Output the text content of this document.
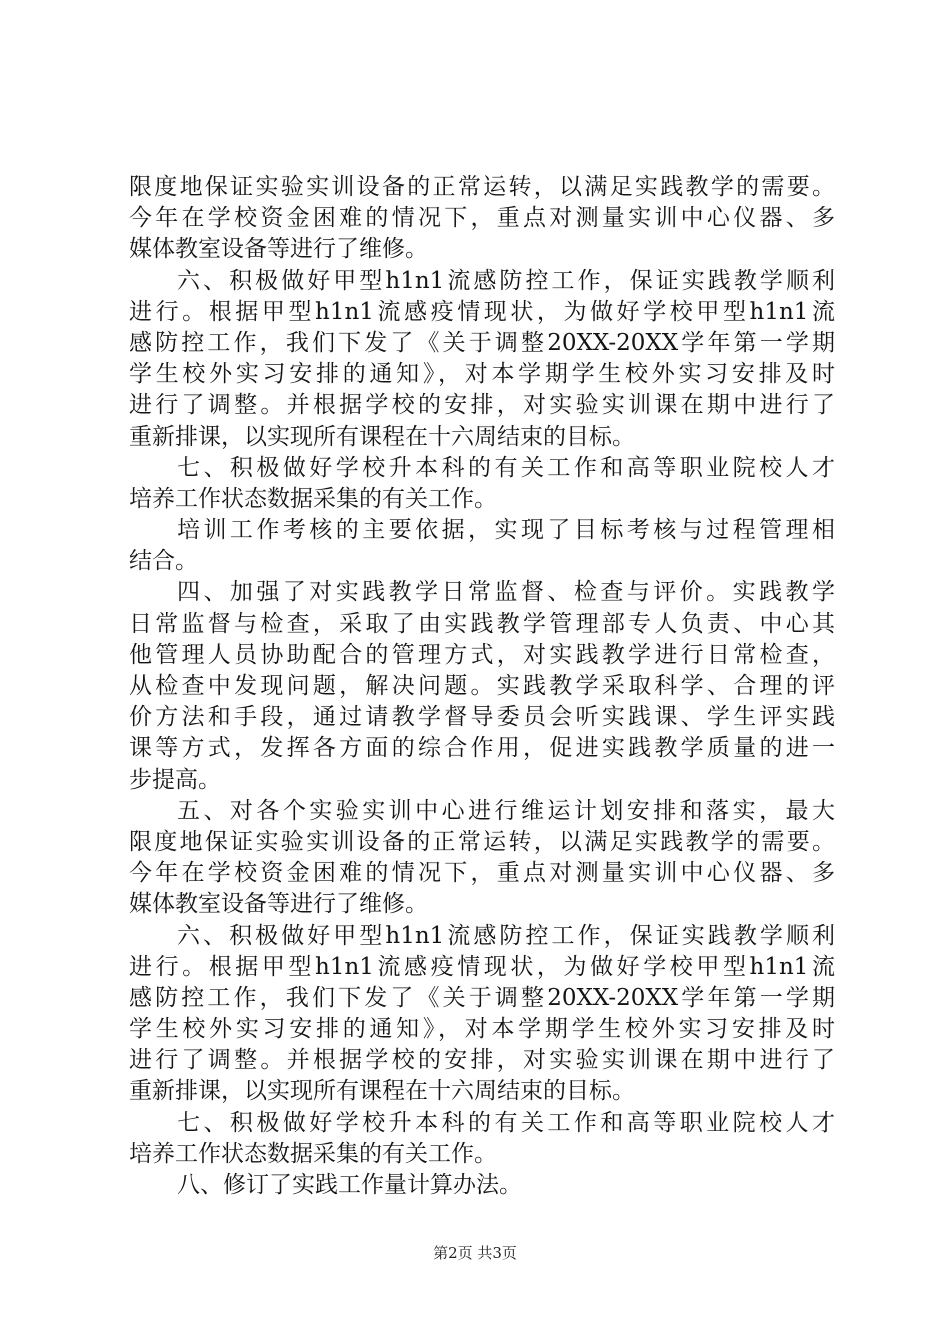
限度地保证实验实训设备的正常运转，以满足实践教学的需要。
今年在学校资金困难的情况下，重点对测量实训中心仪器、多
媒体教室设备等进行了维修。
六、积极做好甲型h1n1流感防控工作，保证实践教学顺利
进行。根据甲型h1n1流感疫情现状，为做好学校甲型h1n1流
感防控工作，我们下发了《关于调整20XX-20XX学年第一学期
学生校外实习安排的通知》，对本学期学生校外实习安排及时
进行了调整。并根据学校的安排，对实验实训课在期中进行了
重新排课，以实现所有课程在十六周结束的目标。
七、积极做好学校升本科的有关工作和高等职业院校人才
培养工作状态数据采集的有关工作。
培训工作考核的主要依据，实现了目标考核与过程管理相
结合。
四、加强了对实践教学日常监督、检查与评价。实践教学
日常监督与检查，采取了由实践教学管理部专人负责、中心其
他管理人员协助配合的管理方式，对实践教学进行日常检查，
从检查中发现问题，解决问题。实践教学采取科学、合理的评
价方法和手段，通过请教学督导委员会听实践课、学生评实践
课等方式，发挥各方面的综合作用，促进实践教学质量的进一
步提高。
五、对各个实验实训中心进行维运计划安排和落实，最大
限度地保证实验实训设备的正常运转，以满足实践教学的需要。
今年在学校资金困难的情况下，重点对测量实训中心仪器、多
媒体教室设备等进行了维修。
六、积极做好甲型h1n1流感防控工作，保证实践教学顺利
进行。根据甲型h1n1流感疫情现状，为做好学校甲型h1n1流
感防控工作，我们下发了《关于调整20XX-20XX学年第一学期
学生校外实习安排的通知》，对本学期学生校外实习安排及时
进行了调整。并根据学校的安排，对实验实训课在期中进行了
重新排课，以实现所有课程在十六周结束的目标。
七、积极做好学校升本科的有关工作和高等职业院校人才
培养工作状态数据采集的有关工作。
八、修订了实践工作量计算办法。
第2页 共3页
